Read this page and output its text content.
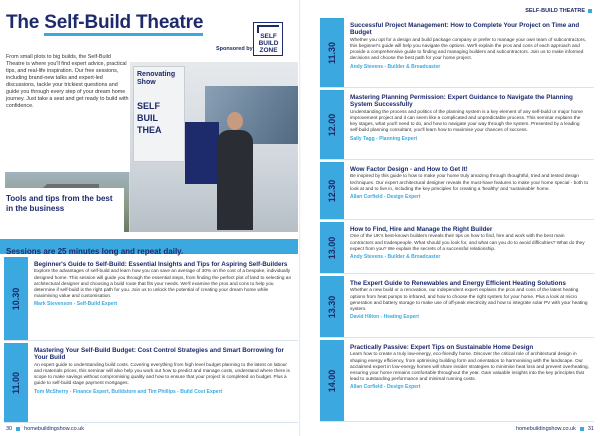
The Self-Build Theatre
Sponsored by
SELF
BUILD
ZONE
Renovating
Show
SELF
BUIL
THEA
From small plots to big builds, the Self-Build Theatre is where you'll find expert advice, practical tips, and real-life inspiration. Our free sessions, including brand-new talks and expert-led discussions, tackle your trickiest questions and guide you through every step of your dream home journey. Just take a seat and get ready to build with confidence.
Tools and tips from the best in the business
Sessions are 25 minutes long and repeat daily.
10.30
Beginner's Guide to Self-Build: Essential Insights and Tips for Aspiring Self-Builders
Explore the advantages of self-build and learn how you can save an average of 30% on the cost of a bespoke, individually designed home. This session will guide you through the essential steps, from finding the perfect plot of land to selecting an architectural designer and choosing a build route that fits your needs. We'll examine the pros and cons to help you determine if self-build is the right path for you. Join us to unlock the potential of creating your dream home while maximising value and customisation.
Mark Stevenson - Self-Build Expert
11.00
Mastering Your Self-Build Budget: Cost Control Strategies and Smart Borrowing for Your Build
An expert guide to understanding build costs. Covering everything from high level budget planning to the latest on labour and materials prices, this seminar will also help you work out how to predict and manage costs, understand where there is scope to make savings without compromising quality and how to ensure that your project is completed on budget. Plus a guide to self-build stage payment mortgages.
Tom McSherry - Finance Expert, Buildstore and Tim Phillips - Build Cost Expert
30 homebuildingshow.co.uk
SELF-BUILD THEATRE
11.30
Successful Project Management: How to Complete Your Project on Time and Budget
Whether you opt for a design and build package company or prefer to manage your own team of subcontractors, this beginner's guide will help you navigate the options. We'll explain the pros and cons of each approach and provide a comprehensive guide to finding and managing builders and subcontractors. Join us to make informed decisions and choose the best path for your home project.
Andy Stevens - Builder & Broadcaster
12.00
Mastering Planning Permission: Expert Guidance to Navigate the Planning System Successfully
Understanding the process and politics of the planning system is a key element of any self-build or major home improvement project and it can seem like a complicated and unpredictable process. This seminar explains the key stages, what you'll need to do, and how to navigate your way through the system. Presented by a leading self-build planning consultant, you'll learn how to maximise your chances of success.
Sally Tagg - Planning Expert
12.30
Wow Factor Design - and How to Get It!
Be inspired by this guide to how to make your home truly amazing through thoughtful, tried and tested design techniques. Our expert architectural designer reveals the must-have features to make your home special - both to look at and to live in, including the key principles for creating a 'healthy' and 'sustainable' home.
Allan Corfield - Design Expert
13.00
How to Find, Hire and Manage the Right Builder
One of the UK's best-known builders reveals their tips on how to find, hire and work with the best main contractors and tradespeople. What should you look for, and what can you do to avoid difficulties? What do they expect from you? We explain the secrets of a successful relationship.
Andy Stevens - Builder & Broadcaster
13.30
The Expert Guide to Renewables and Energy Efficient Heating Solutions
Whether a new build or a renovation, our independent expert explains the pros and cons of the latest heating options from heat pumps to infrared, and how to choose the right system for your home. Plus a look at micro generation and battery storage to make use of off-peak electricity and how to integrate solar PV with your heating system.
David Hilton - Heating Expert
14.00
Practically Passive: Expert Tips on Sustainable Home Design
Learn how to create a truly low-energy, eco-friendly home. Discover the critical role of architectural design in shaping energy efficiency, from optimising building form and orientation to harmonising with the landscape. Our acclaimed expert in low-energy homes will share insider strategies to minimise heat loss and prevent overheating, ensuring your home remains comfortable throughout the year. Gain valuable insights into the key principles that lead to outstanding performance and minimal running costs.
Allan Corfield - Design Expert
homebuildingshow.co.uk 31
